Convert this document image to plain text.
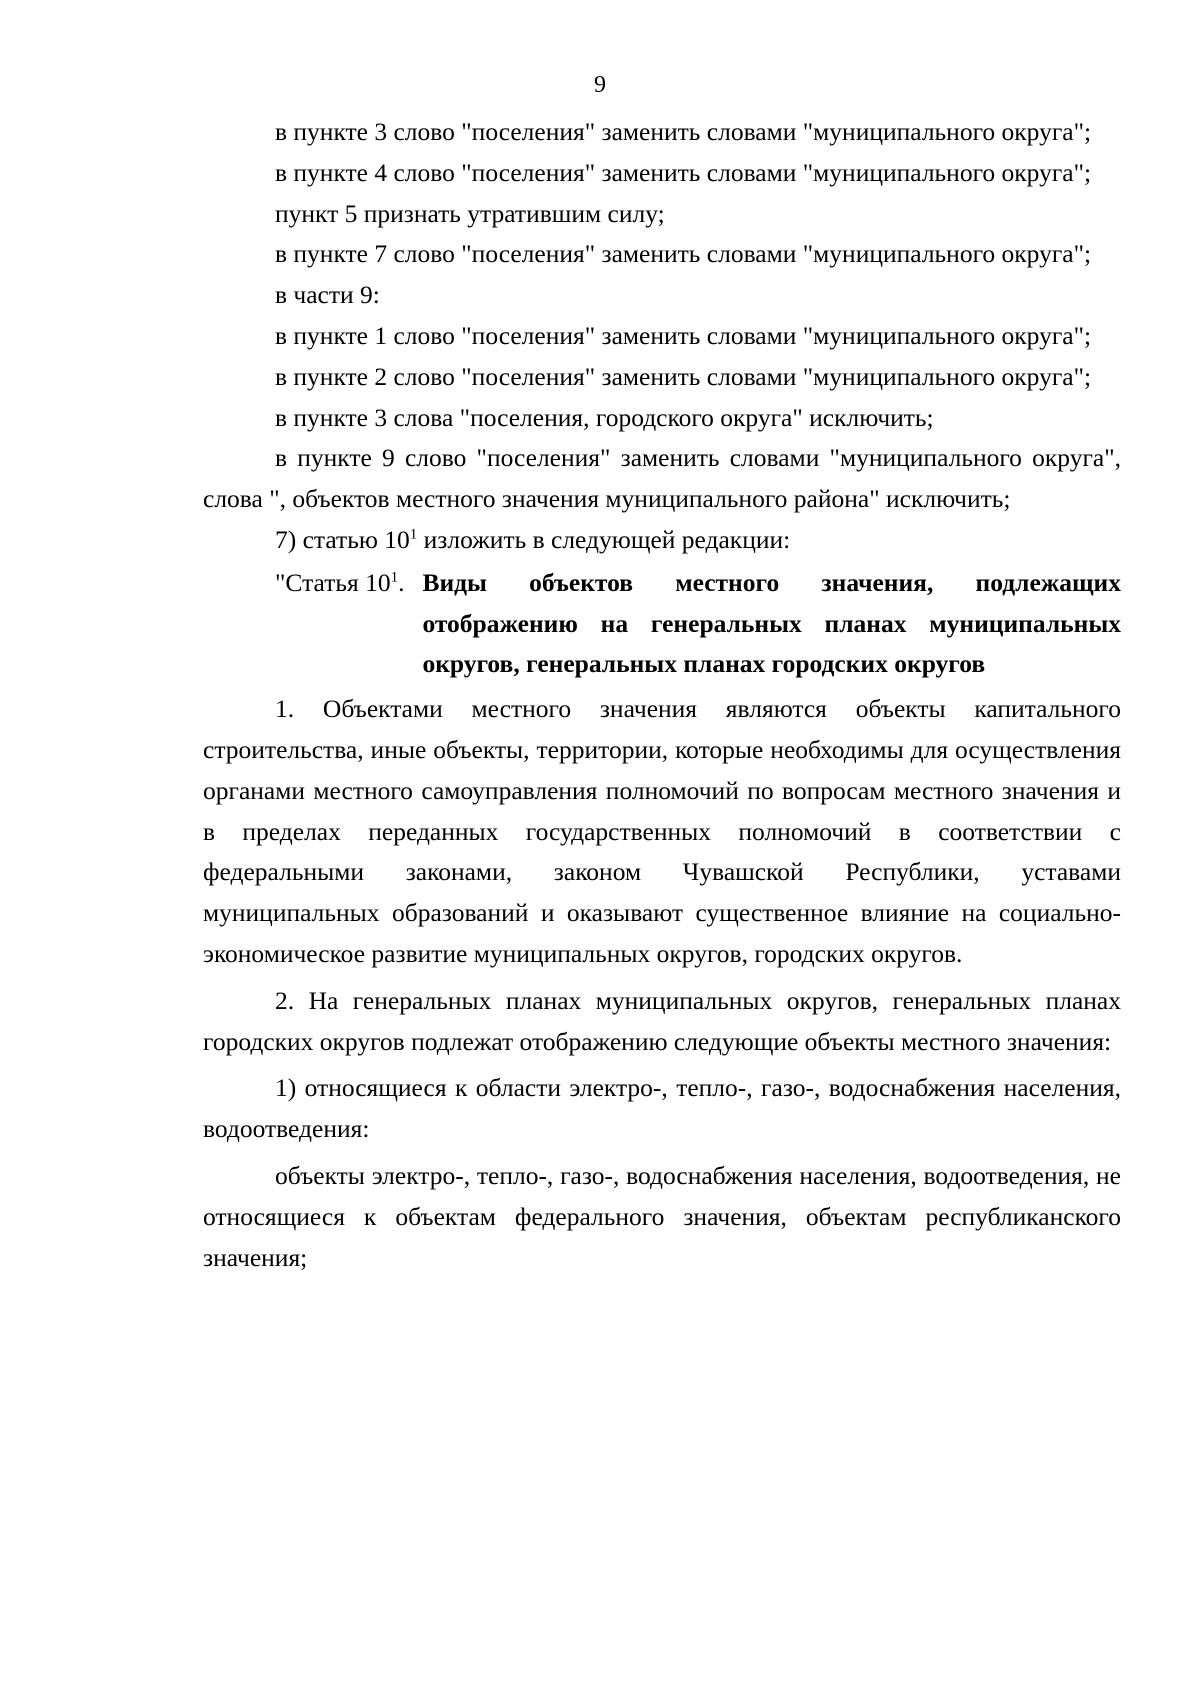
9

в пункте 3 слово "поселения" заменить словами "муниципального округа";

в пункте 4 слово "поселения" заменить словами "муниципального округа";

пункт 5 признать утратившим силу;

в пункте 7 слово "поселения" заменить словами "муниципального округа";

в части 9:

в пункте 1 слово "поселения" заменить словами "муниципального округа";

в пункте 2 слово "поселения" заменить словами "муниципального округа";

в пункте 3 слова "поселения, городского округа" исключить;

в пункте 9 слово "поселения" заменить словами "муниципального округа", слова ", объектов местного значения муниципального района" исключить;

7) статью $10^1$ изложить в следующей редакции:

"Статья $10^1$. Виды объектов местного значения, подлежащих отображению на генеральных планах муниципальных округов, генеральных планах городских округов

1. Объектами местного значения являются объекты капитального строительства, иные объекты, территории, которые необходимы для осуществления органами местного самоуправления полномочий по вопросам местного значения и в пределах переданных государственных полномочий в соответствии с федеральными законами, законом Чувашской Республики, уставами муниципальных образований и оказывают существенное влияние на социально-экономическое развитие муниципальных округов, городских округов.

2. На генеральных планах муниципальных округов, генеральных планах городских округов подлежат отображению следующие объекты местного значения:

1) относящиеся к области электро-, тепло-, газо-, водоснабжения населения, водоотведения:

объекты электро-, тепло-, газо-, водоснабжения населения, водоотведения, не относящиеся к объектам федерального значения, объектам республиканского значения;
